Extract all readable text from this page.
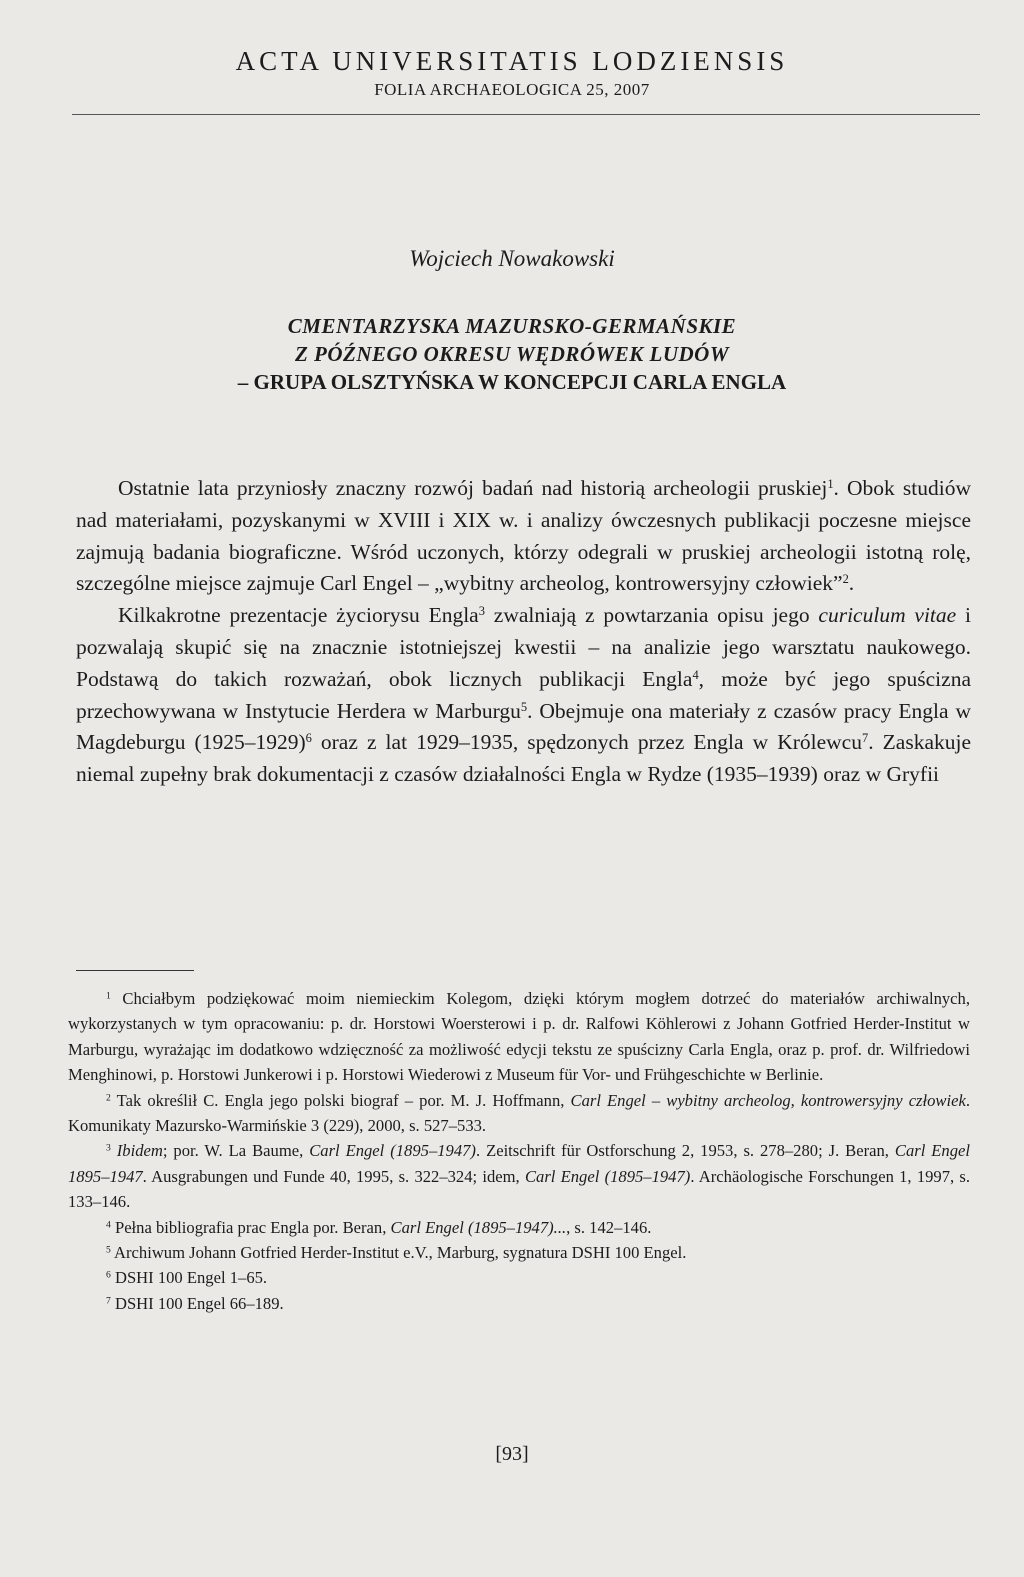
ACTA UNIVERSITATIS LODZIENSIS
FOLIA ARCHAEOLOGICA 25, 2007
Wojciech Nowakowski
CMENTARZYSKA MAZURSKO-GERMAŃSKIE
Z PÓŹNEGO OKRESU WĘDRÓWEK LUDÓW
– GRUPA OLSZTYŃSKA W KONCEPCJI CARLA ENGLA

Ostatnie lata przyniosły znaczny rozwój badań nad historią archeologii pruskiej$^1$. Obok studiów nad materiałami, pozyskanymi w XVIII i XIX w. i analizy ówczesnych publikacji poczesne miejsce zajmują badania biograficzne. Wśród uczonych, którzy odegrali w pruskiej archeologii istotną rolę, szczególne miejsce zajmuje Carl Engel – „wybitny archeolog, kontrowersyjny człowiek”$^2$.

Kilkakrotne prezentacje życiorysu Engla$^3$ zwalniają z powtarzania opisu jego curiculum vitae i pozwalają skupić się na znacznie istotniejszej kwestii – na analizie jego warsztatu naukowego. Podstawą do takich rozważań, obok licznych publikacji Engla$^4$, może być jego spuścizna przechowywana w Instytucie Herdera w Marburgu$^5$. Obejmuje ona materiały z czasów pracy Engla w Magdeburgu (1925–1929)$^6$ oraz z lat 1929–1935, spędzonych przez Engla w Królewcu$^7$. Zaskakuje niemal zupełny brak dokumentacji z czasów działalności Engla w Rydze (1935–1939) oraz w Gryfii

$^1$ Chciałbym podziękować moim niemieckim Kolegom, dzięki którym mogłem dotrzeć do materiałów archiwalnych, wykorzystanych w tym opracowaniu: p. dr. Horstowi Woersterowi i p. dr. Ralfowi Köhlerowi z Johann Gotfried Herder-Institut w Marburgu, wyrażając im dodatkowo wdzięczność za możliwość edycji tekstu ze spuścizny Carla Engla, oraz p. prof. dr. Wilfriedowi Menghinowi, p. Horstowi Junkerowi i p. Horstowi Wiederowi z Museum für Vor- und Frühgeschichte w Berlinie.

$^2$ Tak określił C. Engla jego polski biograf – por. M. J. Hoffmann, Carl Engel – wybitny archeolog, kontrowersyjny człowiek. Komunikaty Mazursko-Warmińskie 3 (229), 2000, s. 527–533.

$^3$ Ibidem; por. W. La Baume, Carl Engel (1895–1947). Zeitschrift für Ostforschung 2, 1953, s. 278–280; J. Beran, Carl Engel 1895–1947. Ausgrabungen und Funde 40, 1995, s. 322–324; idem, Carl Engel (1895–1947). Archäologische Forschungen 1, 1997, s. 133–146.

$^4$ Pełna bibliografia prac Engla por. Beran, Carl Engel (1895–1947)..., s. 142–146.

$^5$ Archiwum Johann Gotfried Herder-Institut e.V., Marburg, sygnatura DSHI 100 Engel.

$^6$ DSHI 100 Engel 1–65.

$^7$ DSHI 100 Engel 66–189.

[93]
